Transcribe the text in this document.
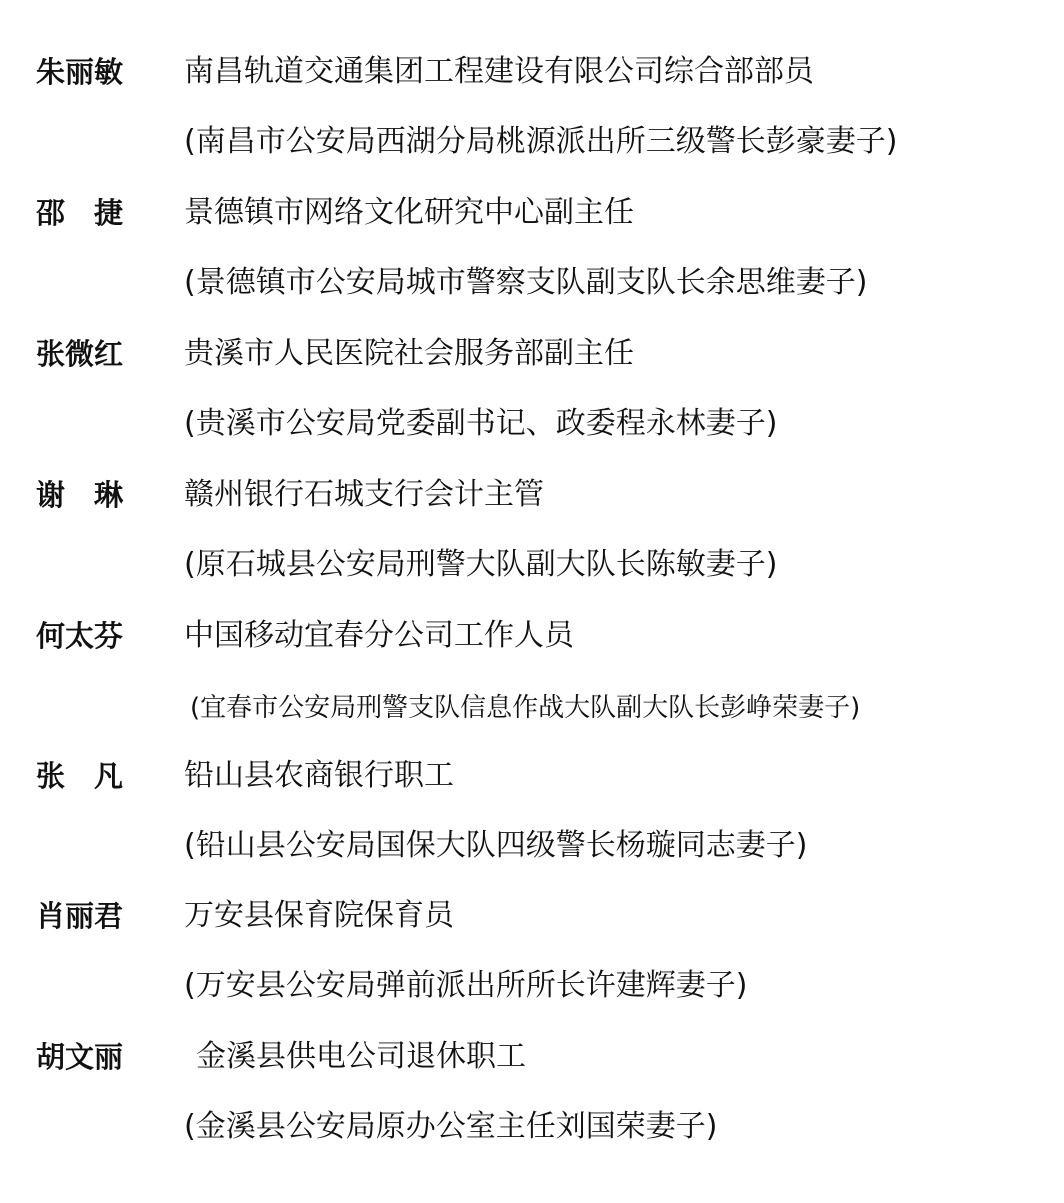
朱丽敏 南昌轨道交通集团工程建设有限公司综合部部员
(南昌市公安局西湖分局桃源派出所三级警长彭豪妻子)
邵　捷 景德镇市网络文化研究中心副主任
(景德镇市公安局城市警察支队副支队长余思维妻子)
张微红 贵溪市人民医院社会服务部副主任
(贵溪市公安局党委副书记、政委程永林妻子)
谢　琳 赣州银行石城支行会计主管
(原石城县公安局刑警大队副大队长陈敏妻子)
何太芬 中国移动宜春分公司工作人员
(宜春市公安局刑警支队信息作战大队副大队长彭峥荣妻子)
张　凡 铅山县农商银行职工
(铅山县公安局国保大队四级警长杨璇同志妻子)
肖丽君 万安县保育院保育员
(万安县公安局弹前派出所所长许建辉妻子)
胡文丽 金溪县供电公司退休职工
(金溪县公安局原办公室主任刘国荣妻子)
